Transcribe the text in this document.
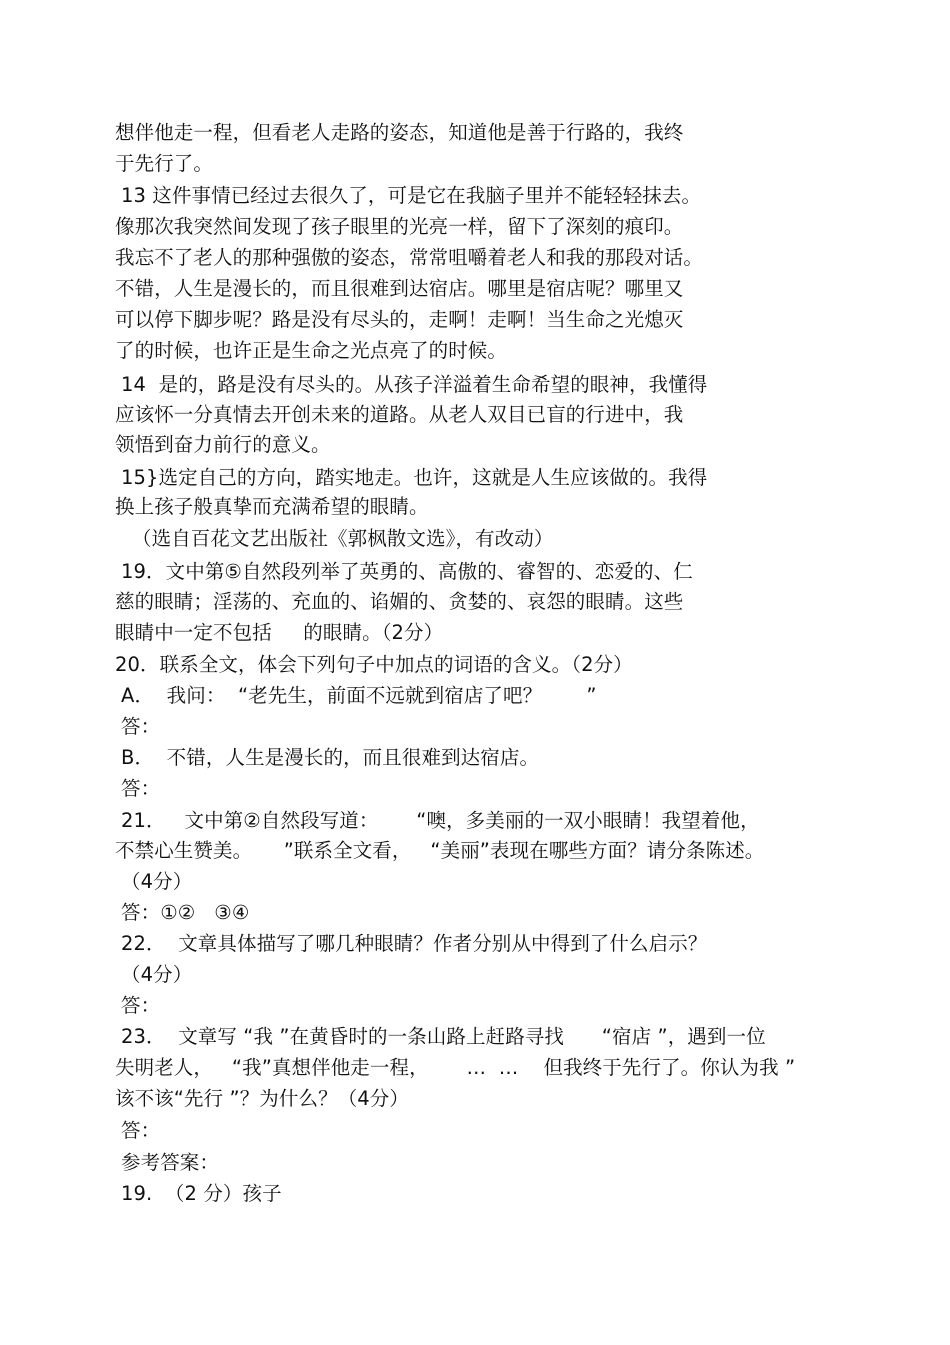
想伴他走一程，但看老人走路的姿态，知道他是善于行路的，我终
于先行了。
13 这件事情已经过去很久了，可是它在我脑子里并不能轻轻抹去。
像那次我突然间发现了孩子眼里的光亮一样，留下了深刻的痕印。
我忘不了老人的那种强傲的姿态，常常咀嚼着老人和我的那段对话。
不错，人生是漫长的，而且很难到达宿店。哪里是宿店呢？哪里又
可以停下脚步呢？路是没有尽头的，走啊！走啊！当生命之光熄灭
了的时候，也许正是生命之光点亮了的时候。
14  是的，路是没有尽头的。从孩子洋溢着生命希望的眼神，我懂得
应该怀一分真情去开创未来的道路。从老人双目已盲的行进中，我
领悟到奋力前行的意义。
15}选定自己的方向，踏实地走。也许，这就是人生应该做的。我得
换上孩子般真挚而充满希望的眼睛。
（选自百花文艺出版社《郭枫散文选》，有改动）
19．文中第⑤自然段列举了英勇的、高傲的、睿智的、恋爱的、仁
慈的眼睛；淫荡的、充血的、谄媚的、贪婪的、哀怨的眼睛。这些
眼睛中一定不包括     的眼睛。（2分）
20．联系全文，体会下列句子中加点的词语的含义。（2分）
A．  我问：  “老先生，前面不远就到宿店了吧？       ”
答：
B．  不错，人生是漫长的，而且很难到达宿店。
答：
21．   文中第②自然段写道：      “噢，多美丽的一双小眼睛！我望着他，
不禁心生赞美。     ”联系全文看，   “美丽”表现在哪些方面？请分条陈述。
（4分）
答：①②   ③④
22．  文章具体描写了哪几种眼睛？作者分别从中得到了什么启示？
（4分）
答：
23．  文章写 “我 ”在黄昏时的一条山路上赶路寻找      “宿店 ”，遇到一位
失明老人，   “我”真想伴他走一程，      …  …    但我终于先行了。你认为我 ”
该不该“先行 ”？为什么？（4分）
答：
参考答案：
19.  （2 分）孩子
